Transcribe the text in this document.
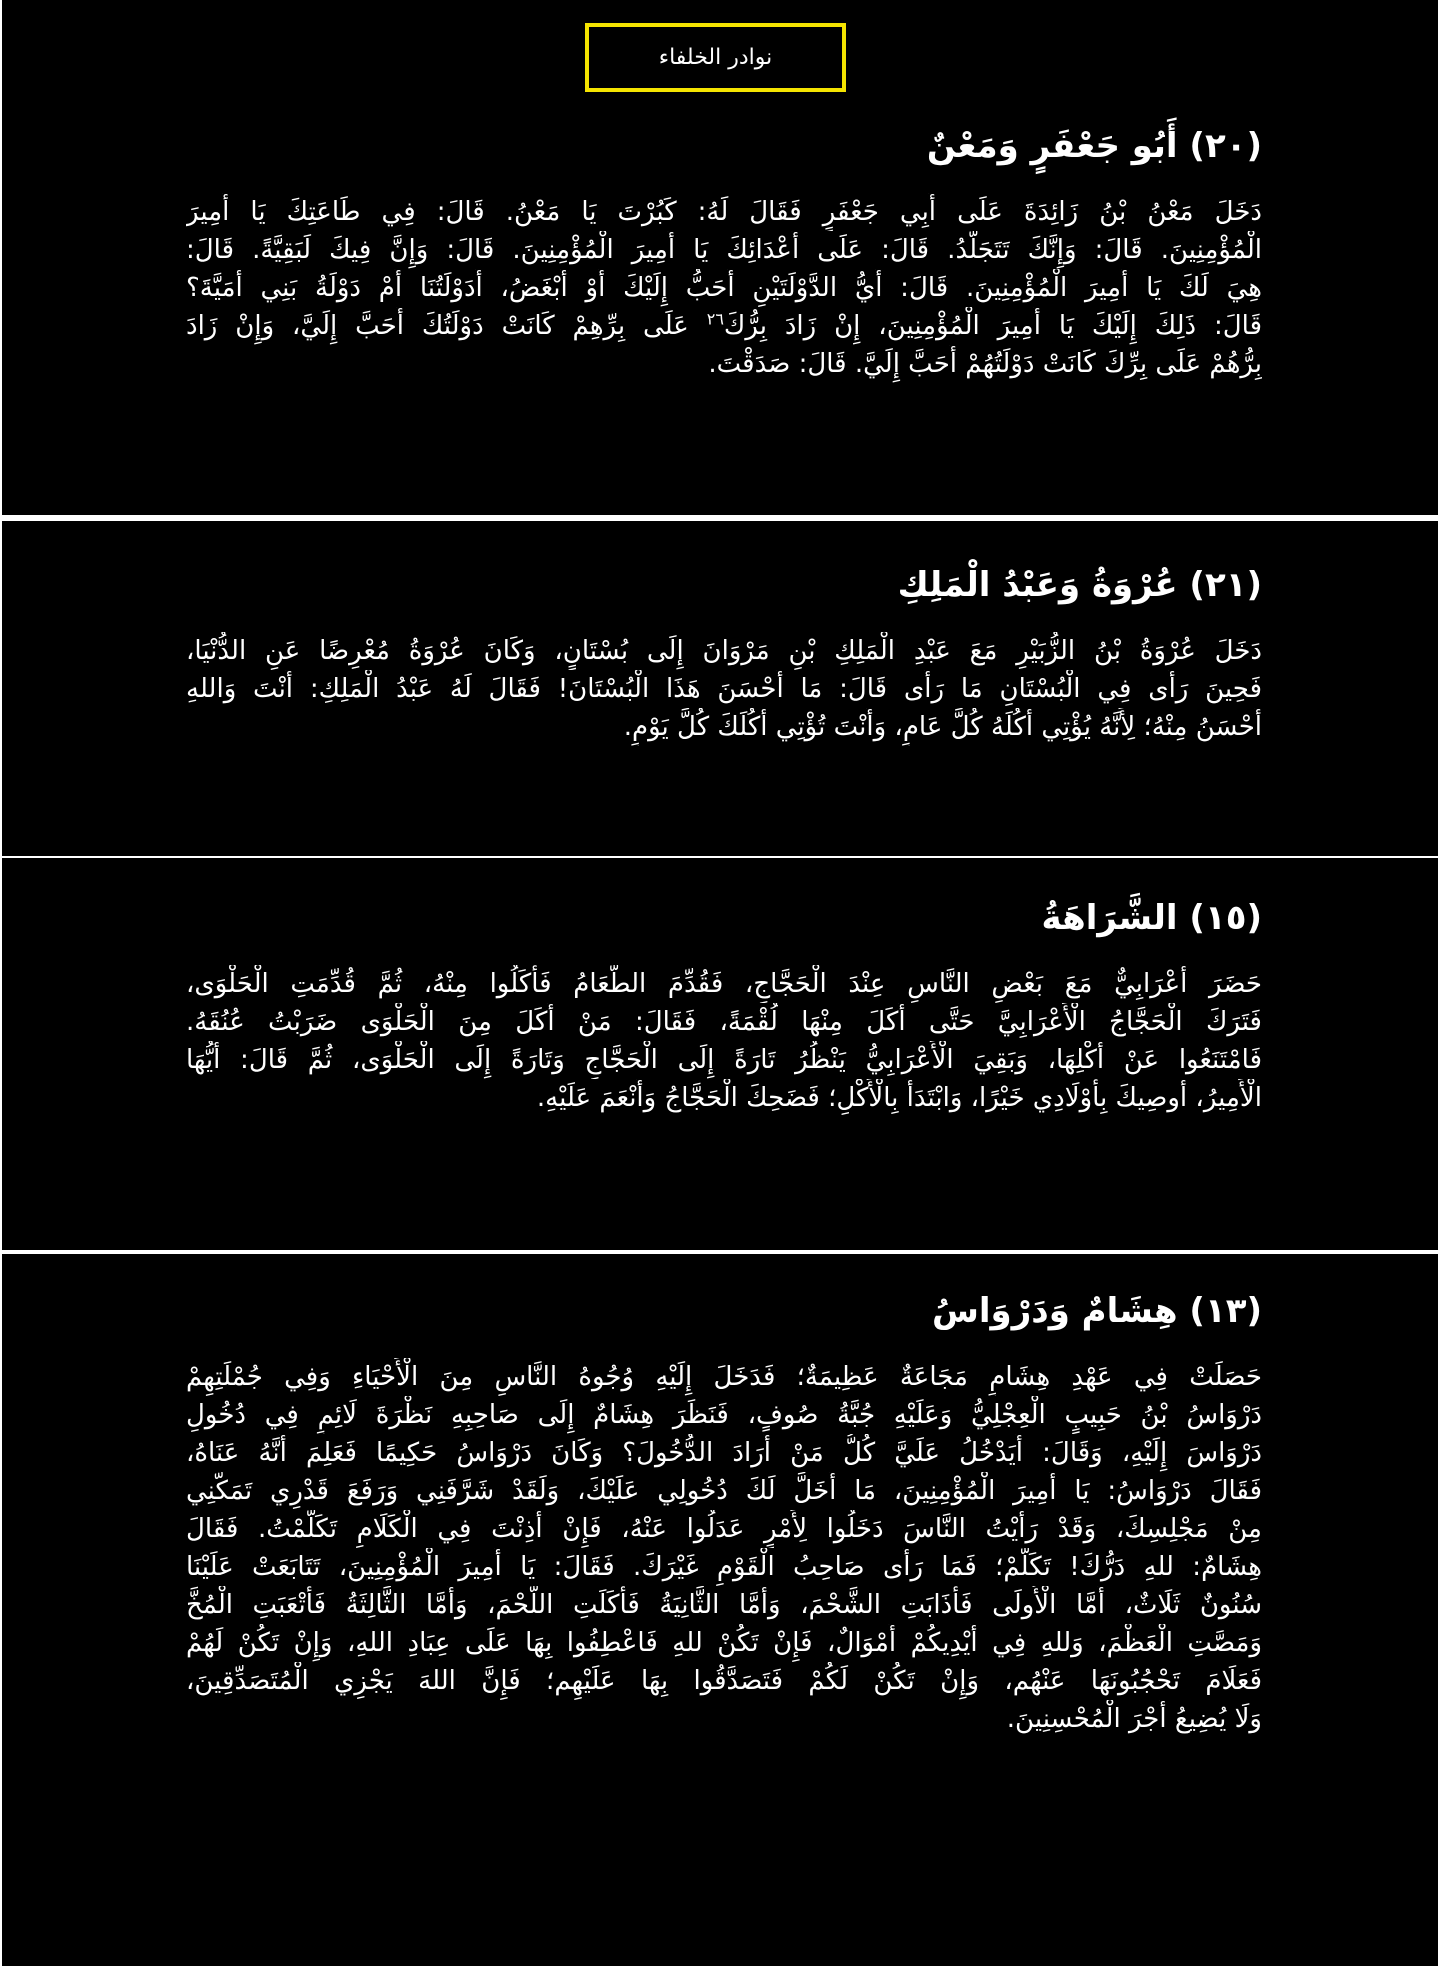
نوادر الخلفاء
(٢٠) أَبُو جَعْفَرٍ وَمَعْنٌ
دَخَلَ مَعْنُ بْنُ زَائِدَةَ عَلَى أَبِي جَعْفَرٍ فَقَالَ لَهُ: كَبُرْتَ يَا مَعْنُ. قَالَ: فِي طَاعَتِكَ يَا أَمِيرَ
الْمُؤْمِنِينَ. قَالَ: وَإِنَّكَ تَتَجَلَّدُ. قَالَ: عَلَى أَعْدَائِكَ يَا أَمِيرَ الْمُؤْمِنِينَ. قَالَ: وَإِنَّ فِيكَ لَبَقِيَّةً. قَالَ:
هِيَ لَكَ يَا أَمِيرَ الْمُؤْمِنِينَ. قَالَ: أَيُّ الدَّوْلَتَيْنِ أَحَبُّ إِلَيْكَ أَوْ أَبْغَضُ، أَدَوْلَتُنَا أَمْ دَوْلَةُ بَنِي أُمَيَّةَ؟
قَالَ: ذَلِكَ إِلَيْكَ يَا أَمِيرَ الْمُؤْمِنِينَ، إِنْ زَادَ بِرُّكَ$^{٢٦}$ عَلَى بِرِّهِمْ كَانَتْ دَوْلَتُكَ أَحَبَّ إِلَيَّ، وَإِنْ زَادَ
بِرُّهُمْ عَلَى بِرِّكَ كَانَتْ دَوْلَتُهُمْ أَحَبَّ إِلَيَّ. قَالَ: صَدَقْتَ.
(٢١) عُرْوَةُ وَعَبْدُ الْمَلِكِ
دَخَلَ عُرْوَةُ بْنُ الزُّبَيْرِ مَعَ عَبْدِ الْمَلِكِ بْنِ مَرْوَانَ إِلَى بُسْتَانٍ، وَكَانَ عُرْوَةُ مُعْرِضًا عَنِ الدُّنْيَا،
فَحِينَ رَأَى فِي الْبُسْتَانِ مَا رَأَى قَالَ: مَا أَحْسَنَ هَذَا الْبُسْتَانَ! فَقَالَ لَهُ عَبْدُ الْمَلِكِ: أَنْتَ وَاللهِ
أَحْسَنُ مِنْهُ؛ لِأَنَّهُ يُؤْتِي أُكُلَهُ كُلَّ عَامٍ، وَأَنْتَ تُؤْتِي أُكُلَكَ كُلَّ يَوْمٍ.
(١٥) الشَّرَاهَةُ
حَضَرَ أَعْرَابِيٌّ مَعَ بَعْضِ النَّاسِ عِنْدَ الْحَجَّاجِ، فَقُدِّمَ الطَّعَامُ فَأَكَلُوا مِنْهُ، ثُمَّ قُدِّمَتِ الْحَلْوَى،
فَتَرَكَ الْحَجَّاجُ الْأَعْرَابِيَّ حَتَّى أَكَلَ مِنْهَا لُقْمَةً، فَقَالَ: مَنْ أَكَلَ مِنَ الْحَلْوَى ضَرَبْتُ عُنُقَهُ.
فَامْتَنَعُوا عَنْ أَكْلِهَا، وَبَقِيَ الْأَعْرَابِيُّ يَنْظُرُ تَارَةً إِلَى الْحَجَّاجِ وَتَارَةً إِلَى الْحَلْوَى، ثُمَّ قَالَ: أَيُّهَا
الْأَمِيرُ، أُوصِيكَ بِأَوْلَادِي خَيْرًا، وَابْتَدَأَ بِالْأَكْلِ؛ فَضَحِكَ الْحَجَّاجُ وَأَنْعَمَ عَلَيْهِ.
(١٣) هِشَامٌ وَدَرْوَاسُ
حَصَلَتْ فِي عَهْدِ هِشَامٍ مَجَاعَةٌ عَظِيمَةٌ؛ فَدَخَلَ إِلَيْهِ وُجُوهُ النَّاسِ مِنَ الْأَحْيَاءِ وَفِي جُمْلَتِهِمْ
دَرْوَاسُ بْنُ حَبِيبٍ الْعِجْلِيُّ وَعَلَيْهِ جُبَّةُ صُوفٍ، فَنَظَرَ هِشَامٌ إِلَى صَاحِبِهِ نَظْرَةَ لَائِمٍ فِي دُخُولِ
دَرْوَاسَ إِلَيْهِ، وَقَالَ: أَيَدْخُلُ عَلَيَّ كُلُّ مَنْ أَرَادَ الدُّخُولَ؟ وَكَانَ دَرْوَاسُ حَكِيمًا فَعَلِمَ أَنَّهُ عَنَاهُ،
فَقَالَ دَرْوَاسُ: يَا أَمِيرَ الْمُؤْمِنِينَ، مَا أَخَلَّ لَكَ دُخُولِي عَلَيْكَ، وَلَقَدْ شَرَّفَنِي وَرَفَعَ قَدْرِي تَمَكُّنِي
مِنْ مَجْلِسِكَ، وَقَدْ رَأَيْتُ النَّاسَ دَخَلُوا لِأَمْرٍ عَدَلُوا عَنْهُ، فَإِنْ أَذِنْتَ فِي الْكَلَامِ تَكَلَّمْتُ. فَقَالَ
هِشَامٌ: للهِ دَرُّكَ! تَكَلَّمْ؛ فَمَا رَأَى صَاحِبُ الْقَوْمِ غَيْرَكَ. فَقَالَ: يَا أَمِيرَ الْمُؤْمِنِينَ، تَتَابَعَتْ عَلَيْنَا
سُنُونٌ ثَلَاثٌ، أَمَّا الْأُولَى فَأَذَابَتِ الشَّحْمَ، وَأَمَّا الثَّانِيَةُ فَأَكَلَتِ اللَّحْمَ، وَأَمَّا الثَّالِثَةُ فَأَتْعَبَتِ الْمُخَّ
وَمَصَّتِ الْعَظْمَ، وَللهِ فِي أَيْدِيكُمْ أَمْوَالٌ، فَإِنْ تَكُنْ للهِ فَاعْطِفُوا بِهَا عَلَى عِبَادِ اللهِ، وَإِنْ تَكُنْ لَهُمْ
فَعَلَامَ تَحْجُبُونَهَا عَنْهُم، وَإِنْ تَكُنْ لَكُمْ فَتَصَدَّقُوا بِهَا عَلَيْهِم؛ فَإِنَّ اللهَ يَجْزِي الْمُتَصَدِّقِينَ،
وَلَا يُضِيعُ أَجْرَ الْمُحْسِنِينَ.
